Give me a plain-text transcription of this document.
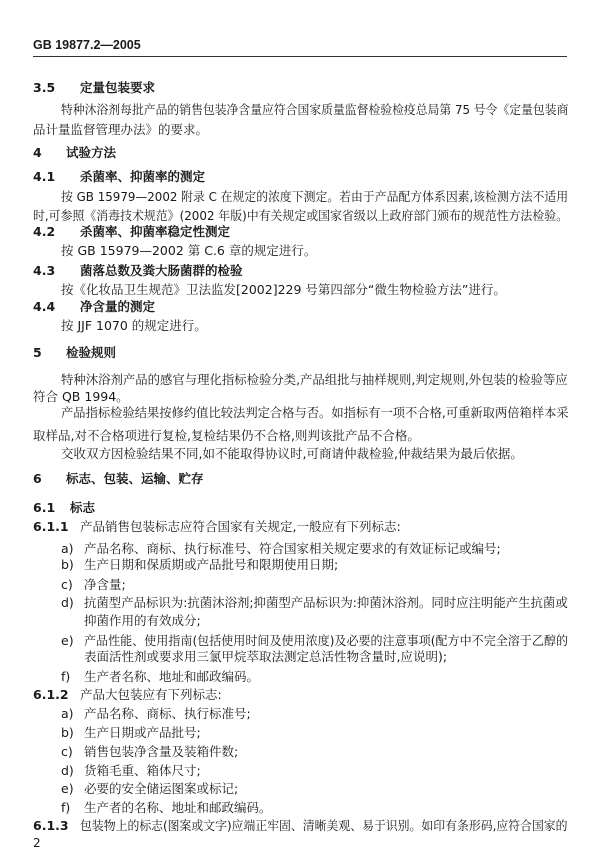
GB 19877.2—2005
3.5 定量包装要求
特种沐浴剂每批产品的销售包装净含量应符合国家质量监督检验检疫总局第 75 号令《定量包装商
品计量监督管理办法》的要求。
4 试验方法
4.1 杀菌率、抑菌率的测定
按 GB 15979—2002 附录 C 在规定的浓度下测定。若由于产品配方体系因素,该检测方法不适用
时,可参照《消毒技术规范》(2002 年版)中有关规定或国家省级以上政府部门颁布的规范性方法检验。
4.2 杀菌率、抑菌率稳定性测定
按 GB 15979—2002 第 C.6 章的规定进行。
4.3 菌落总数及粪大肠菌群的检验
按《化妆品卫生规范》卫法监发[2002]229 号第四部分“微生物检验方法”进行。
4.4 净含量的测定
按 JJF 1070 的规定进行。
5 检验规则
特种沐浴剂产品的感官与理化指标检验分类,产品组批与抽样规则,判定规则,外包装的检验等应
符合 QB 1994。
产品指标检验结果按修约值比较法判定合格与否。如指标有一项不合格,可重新取两倍箱样本采
取样品,对不合格项进行复检,复检结果仍不合格,则判该批产品不合格。
交收双方因检验结果不同,如不能取得协议时,可商请仲裁检验,仲裁结果为最后依据。
6 标志、包装、运输、贮存
6.1 标志
6.1.1 产品销售包装标志应符合国家有关规定,一般应有下列标志:
a) 产品名称、商标、执行标准号、符合国家相关规定要求的有效证标记或编号;
b) 生产日期和保质期或产品批号和限期使用日期;
c) 净含量;
d) 抗菌型产品标识为:抗菌沐浴剂;抑菌型产品标识为:抑菌沐浴剂。同时应注明能产生抗菌或
抑菌作用的有效成分;
e) 产品性能、使用指南(包括使用时间及使用浓度)及必要的注意事项(配方中不完全溶于乙醇的
表面活性剂或要求用三氯甲烷萃取法测定总活性物含量时,应说明);
f) 生产者名称、地址和邮政编码。
6.1.2 产品大包装应有下列标志:
a) 产品名称、商标、执行标准号;
b) 生产日期或产品批号;
c) 销售包装净含量及装箱件数;
d) 货箱毛重、箱体尺寸;
e) 必要的安全储运图案或标记;
f) 生产者的名称、地址和邮政编码。
6.1.3 包装物上的标志(图案或文字)应端正牢固、清晰美观、易于识别。如印有条形码,应符合国家的
2
